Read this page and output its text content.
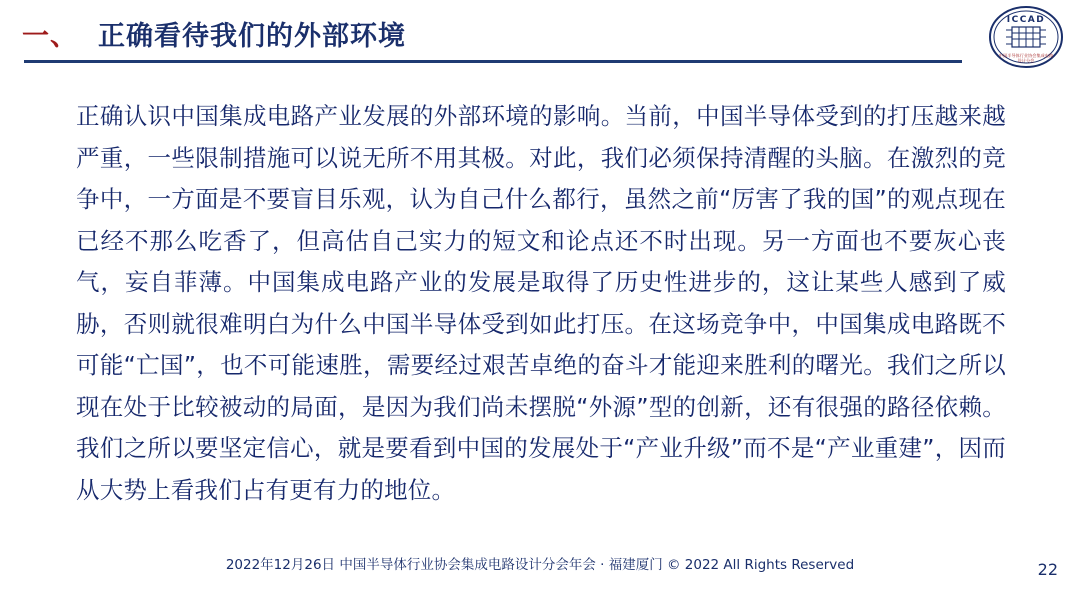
一、 正确看待我们的外部环境
ICCAD
中国半导体行业协会集成电路
设计分会
正确认识中国集成电路产业发展的外部环境的影响。当前，中国半导体受到的打压越来越严重，一些限制措施可以说无所不用其极。对此，我们必须保持清醒的头脑。在激烈的竞争中，一方面是不要盲目乐观，认为自己什么都行，虽然之前“厉害了我的国”的观点现在已经不那么吃香了，但高估自己实力的短文和论点还不时出现。另一方面也不要灰心丧气，妄自菲薄。中国集成电路产业的发展是取得了历史性进步的，这让某些人感到了威胁，否则就很难明白为什么中国半导体受到如此打压。在这场竞争中，中国集成电路既不可能“亡国”，也不可能速胜，需要经过艰苦卓绝的奋斗才能迎来胜利的曙光。我们之所以现在处于比较被动的局面，是因为我们尚未摆脱“外源”型的创新，还有很强的路径依赖。我们之所以要坚定信心，就是要看到中国的发展处于“产业升级”而不是“产业重建”，因而从大势上看我们占有更有力的地位。
2022年12月26日 中国半导体行业协会集成电路设计分会年会 · 福建厦门 © 2022 All Rights Reserved	22
